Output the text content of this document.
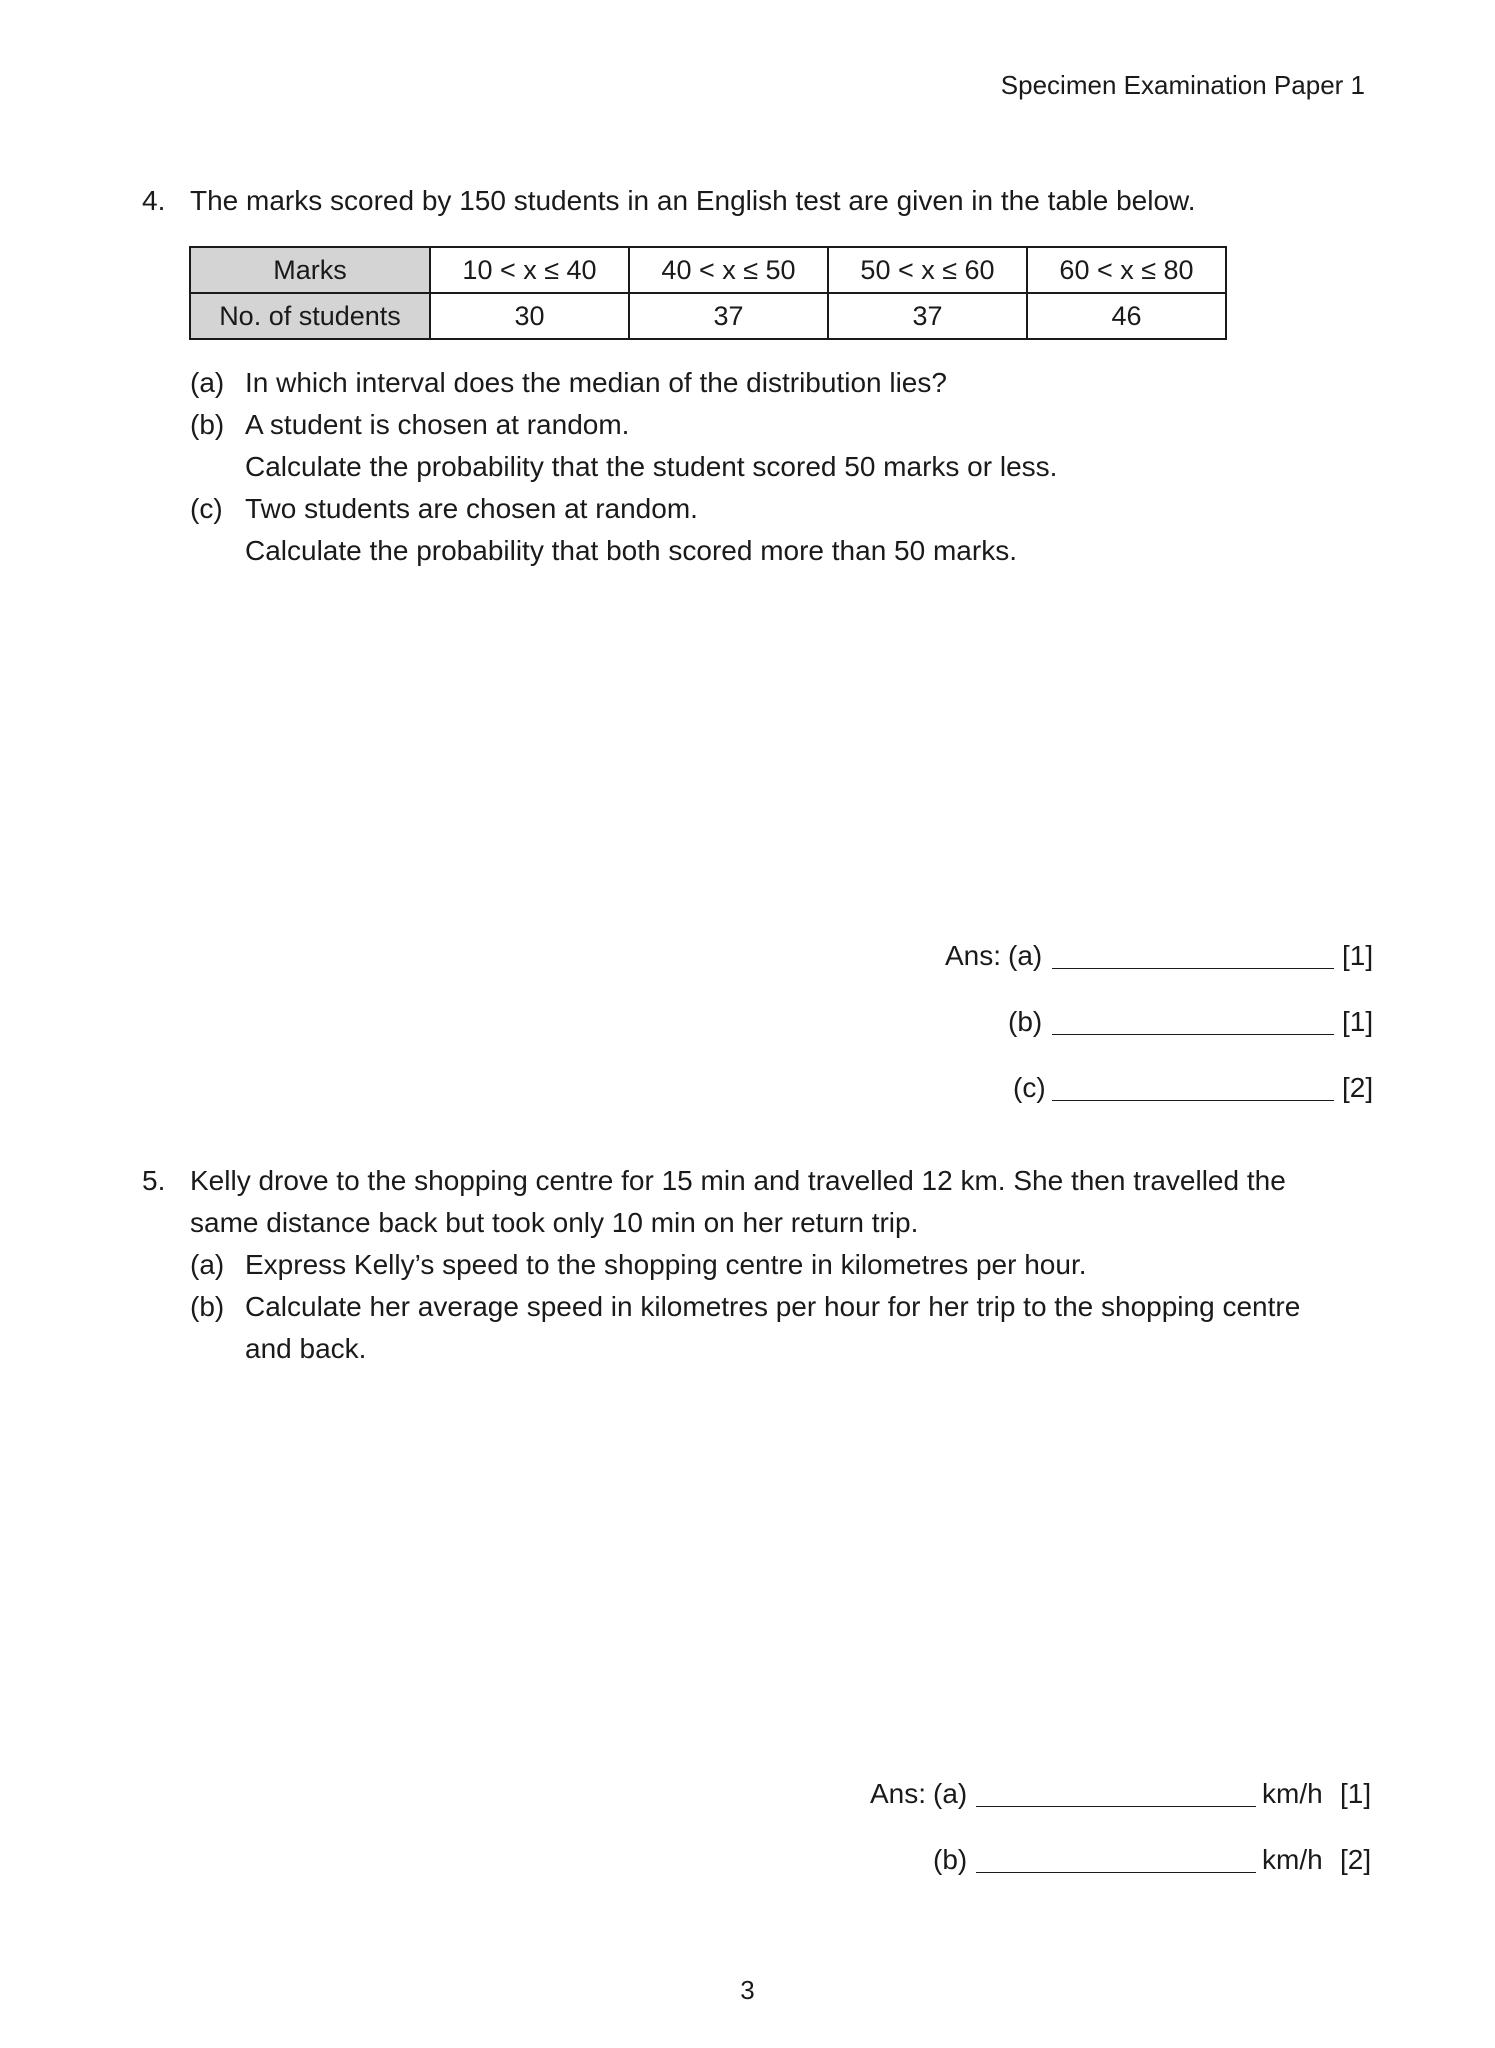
Specimen Examination Paper 1
4. The marks scored by 150 students in an English test are given in the table below.
Marks	10 < x ≤ 40	40 < x ≤ 50	50 < x ≤ 60	60 < x ≤ 80
No. of students	30	37	37	46
(a) In which interval does the median of the distribution lies?
(b) A student is chosen at random.
Calculate the probability that the student scored 50 marks or less.
(c) Two students are chosen at random.
Calculate the probability that both scored more than 50 marks.
Ans: (a)	[1]
(b)	[1]
(c)	[2]
5. Kelly drove to the shopping centre for 15 min and travelled 12 km. She then travelled the
same distance back but took only 10 min on her return trip.
(a) Express Kelly’s speed to the shopping centre in kilometres per hour.
(b) Calculate her average speed in kilometres per hour for her trip to the shopping centre
and back.
Ans: (a)	km/h [1]
(b)	km/h [2]
3
